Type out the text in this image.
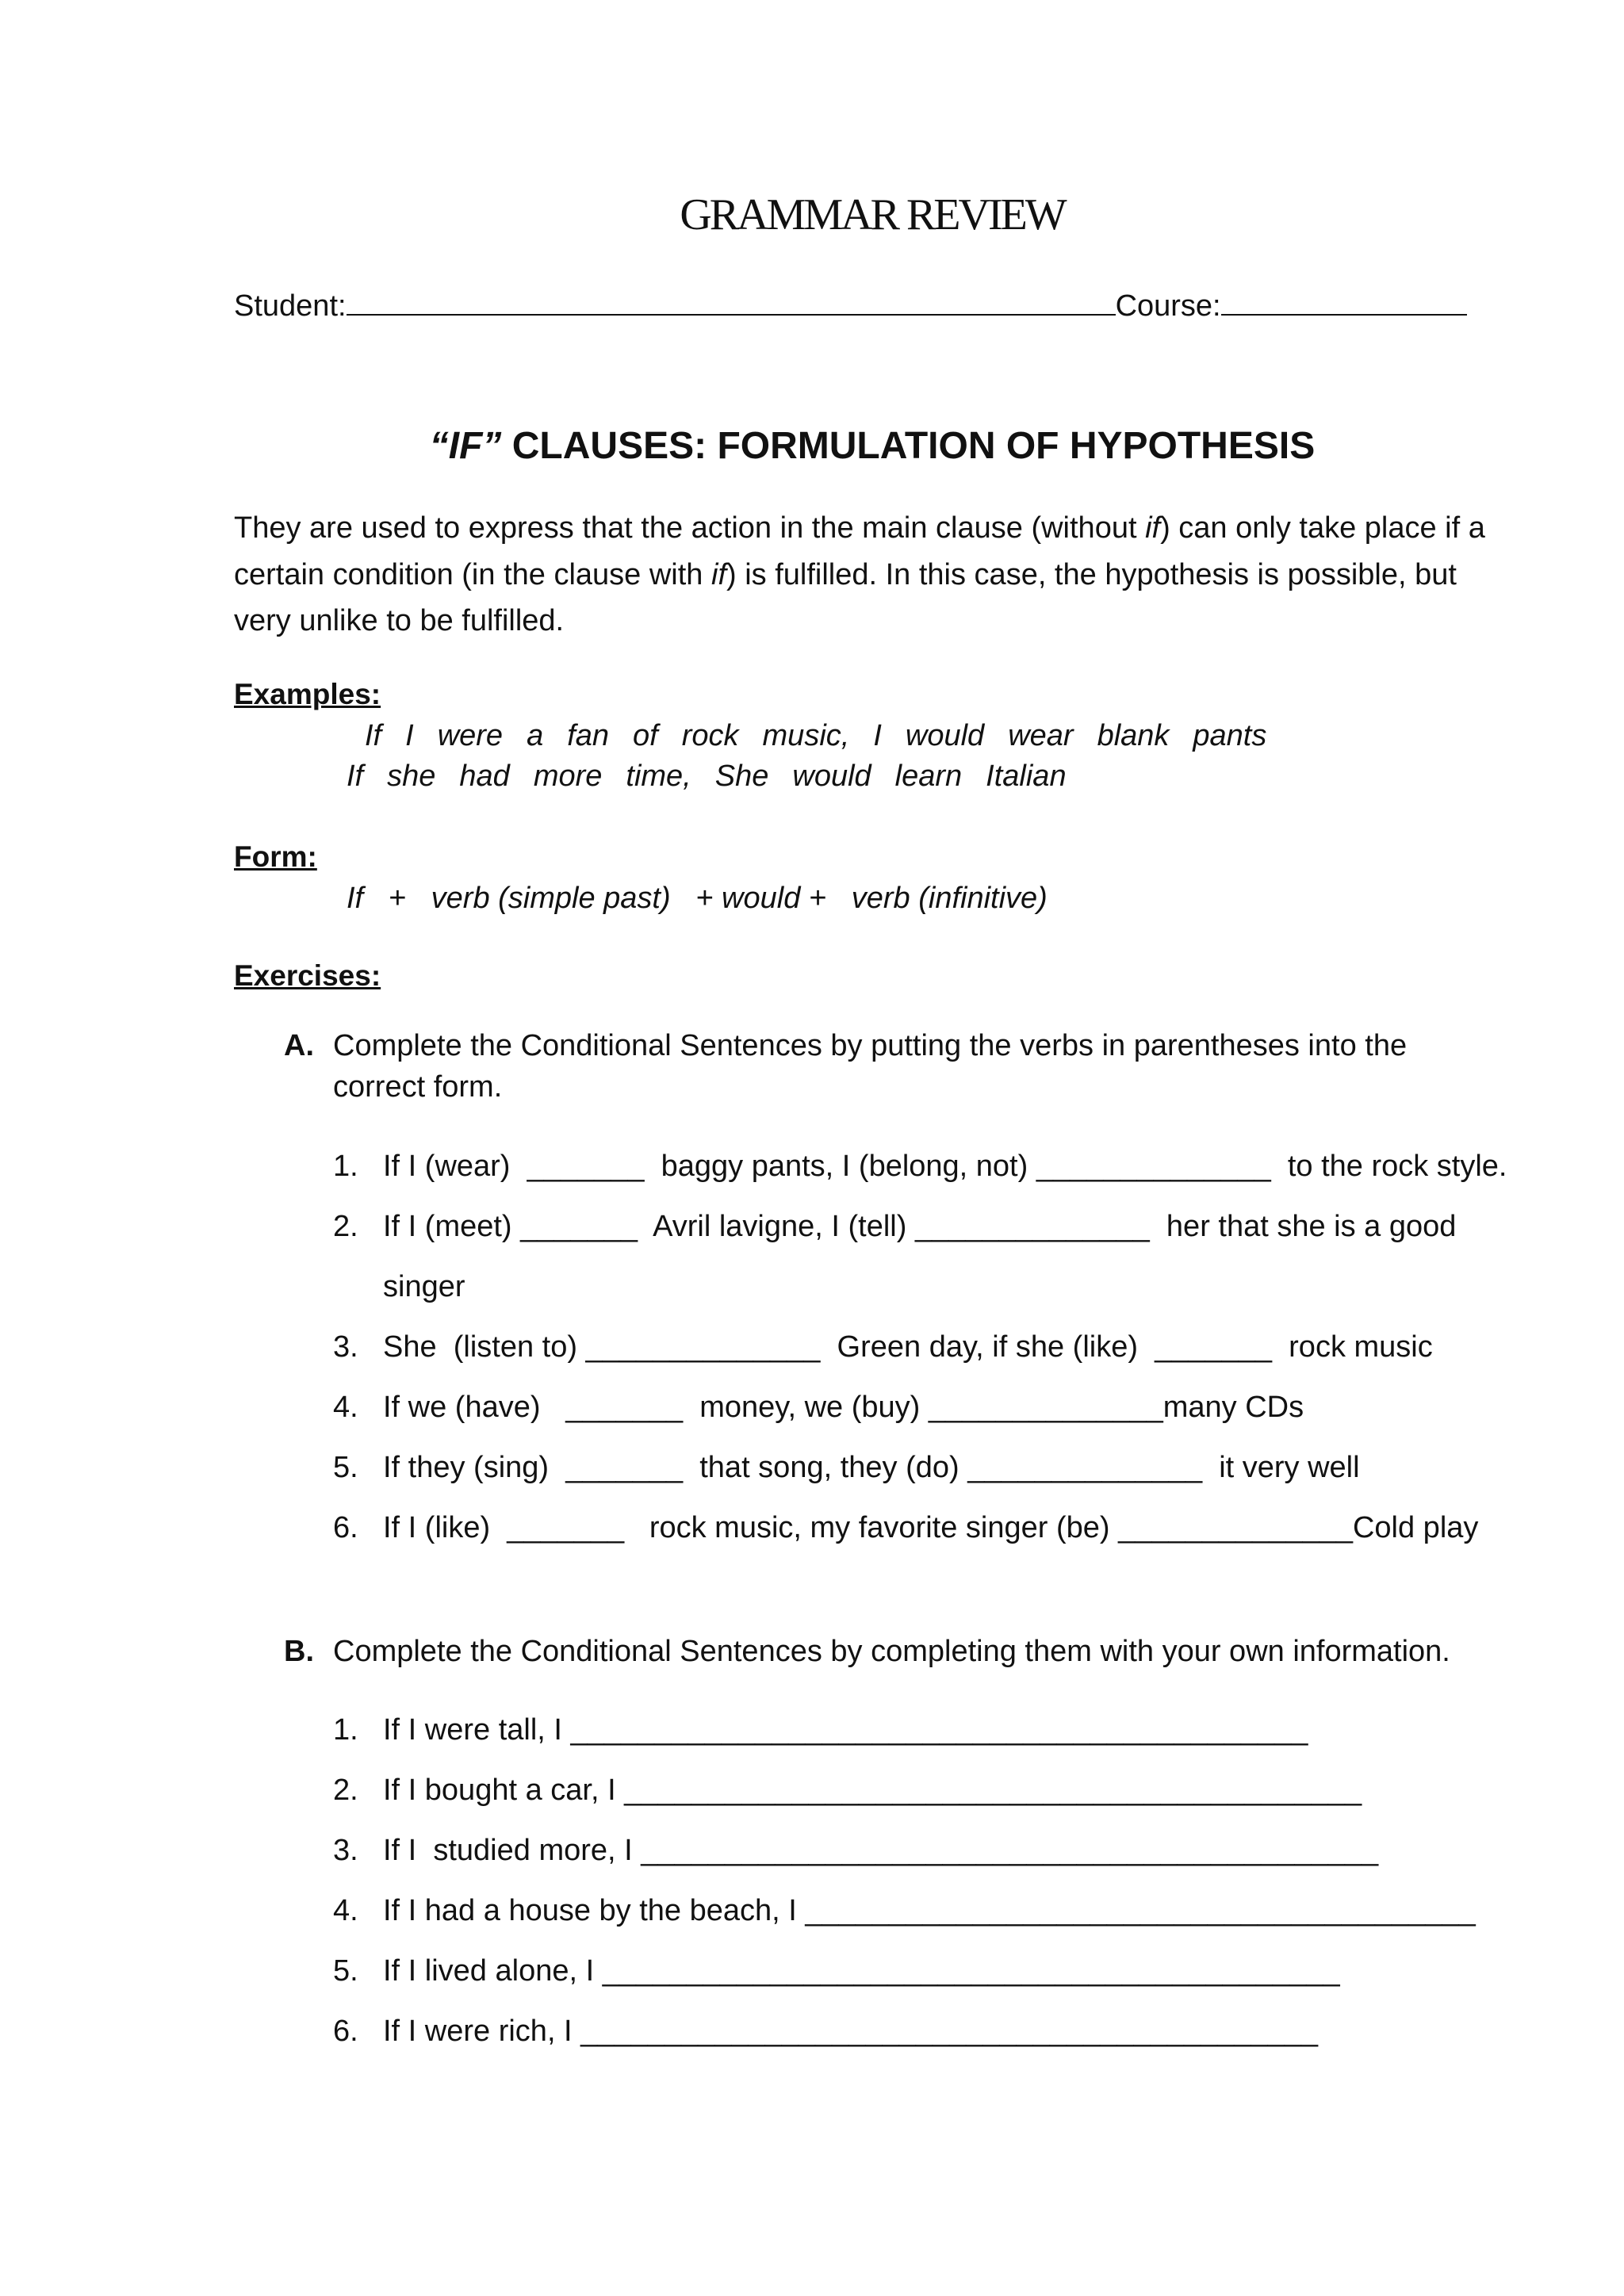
GRAMMAR REVIEW
Student:	Course:
“IF” CLAUSES: FORMULATION OF HYPOTHESIS
They are used to express that the action in the main clause (without if) can only take place if a
certain condition (in the clause with if) is fulfilled. In this case, the hypothesis is possible, but
very unlike to be fulfilled.
Examples:
If I were a fan of rock music, I would wear blank pants
If she had more time, She would learn Italian
Form:
If   +   verb (simple past)   + would +   verb (infinitive)
Exercises:
A. Complete the Conditional Sentences by putting the verbs in parentheses into the
correct form.

1. If I (wear)  _______  baggy pants, I (belong, not) ______________  to the rock style.

2. If I (meet) _______  Avril lavigne, I (tell) ______________  her that she is a good

singer

3. She  (listen to) ______________  Green day, if she (like)  _______  rock music

4. If we (have)   _______  money, we (buy) ______________many CDs

5. If they (sing)  _______  that song, they (do) ______________  it very well

6. If I (like)  _______   rock music, my favorite singer (be) ______________Cold play

B. Complete the Conditional Sentences by completing them with your own information.

1. If I were tall, I ____________________________________________

2. If I bought a car, I ____________________________________________

3. If I  studied more, I ____________________________________________

4. If I had a house by the beach, I ________________________________________

5. If I lived alone, I ____________________________________________

6. If I were rich, I ____________________________________________
